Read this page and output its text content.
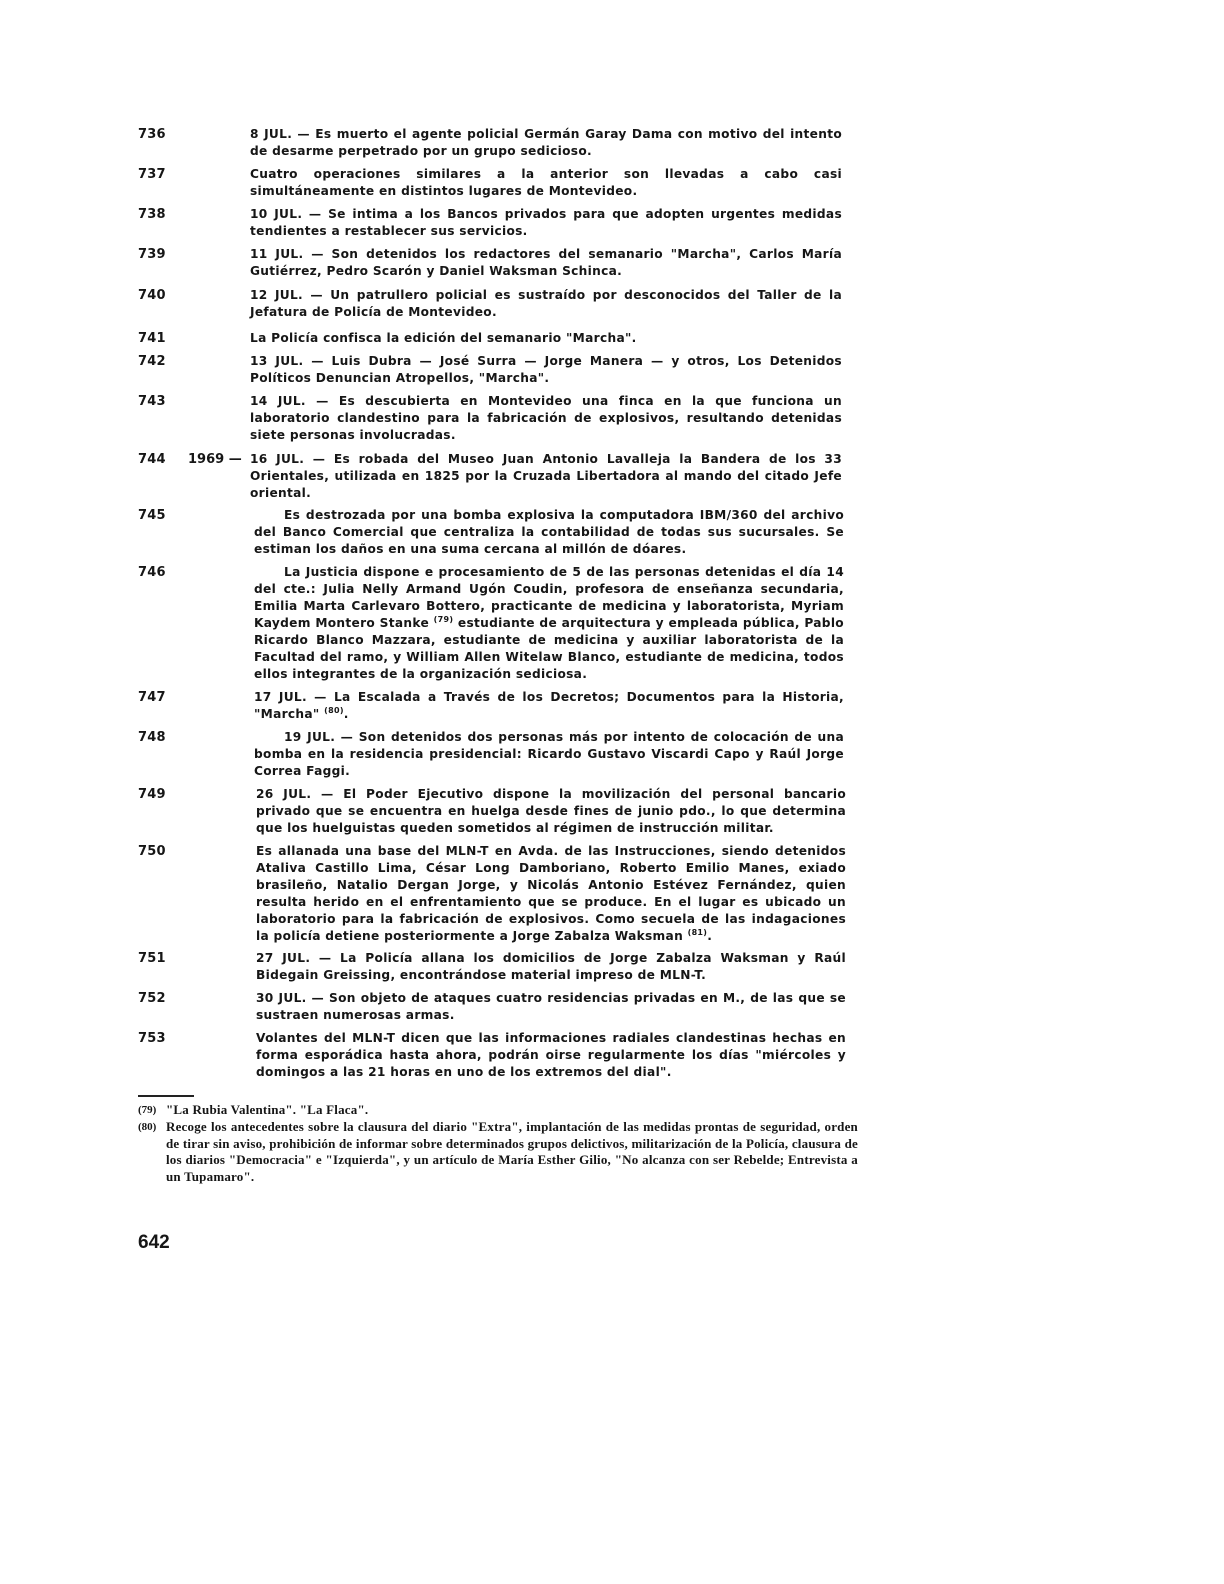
736	8 JUL. — Es muerto el agente policial Germán Garay Dama con motivo del intento de desarme perpetrado por un grupo sedicioso.
737	Cuatro operaciones similares a la anterior son llevadas a cabo casi simultáneamente en distintos lugares de Montevideo.
738	10 JUL. — Se intima a los Bancos privados para que adopten urgentes medidas tendientes a restablecer sus servicios.
739	11 JUL. — Son detenidos los redactores del semanario "Marcha", Carlos María Gutiérrez, Pedro Scarón y Daniel Waksman Schinca.
740	12 JUL. — Un patrullero policial es sustraído por desconocidos del Taller de la Jefatura de Policía de Montevideo.
741	La Policía confisca la edición del semanario "Marcha".
742	13 JUL. — Luis Dubra — José Surra — Jorge Manera — y otros, Los Detenidos Políticos Denuncian Atropellos, "Marcha".
743	14 JUL. — Es descubierta en Montevideo una finca en la que funciona un laboratorio clandestino para la fabricación de explosivos, resultando detenidas siete personas involucradas.
744	1969 — 16 JUL. — Es robada del Museo Juan Antonio Lavalleja la Bandera de los 33 Orientales, utilizada en 1825 por la Cruzada Libertadora al mando del citado Jefe oriental.
745	Es destrozada por una bomba explosiva la computadora IBM/360 del archivo del Banco Comercial que centraliza la contabilidad de todas sus sucursales. Se estiman los daños en una suma cercana al millón de dóares.
746	La Justicia dispone e procesamiento de 5 de las personas detenidas el día 14 del cte.: Julia Nelly Armand Ugón Coudin, profesora de enseñanza secundaria, Emilia Marta Carlevaro Bottero, practicante de medicina y laboratorista, Myriam Kaydem Montero Stanke $^{(79)}$ estudiante de arquitectura y empleada pública, Pablo Ricardo Blanco Mazzara, estudiante de medicina y auxiliar laboratorista de la Facultad del ramo, y William Allen Witelaw Blanco, estudiante de medicina, todos ellos integrantes de la organización sediciosa.
747	17 JUL. — La Escalada a Través de los Decretos; Documentos para la Historia, "Marcha" $^{(80)}$.
748	19 JUL. — Son detenidos dos personas más por intento de colocación de una bomba en la residencia presidencial: Ricardo Gustavo Viscardi Capo y Raúl Jorge Correa Faggi.
749	26 JUL. — El Poder Ejecutivo dispone la movilización del personal bancario privado que se encuentra en huelga desde fines de junio pdo., lo que determina que los huelguistas queden sometidos al régimen de instrucción militar.
750	Es allanada una base del MLN-T en Avda. de las Instrucciones, siendo detenidos Ataliva Castillo Lima, César Long Damboriano, Roberto Emilio Manes, exiado brasileño, Natalio Dergan Jorge, y Nicolás Antonio Estévez Fernández, quien resulta herido en el enfrentamiento que se produce. En el lugar es ubicado un laboratorio para la fabricación de explosivos. Como secuela de las indagaciones la policía detiene posteriormente a Jorge Zabalza Waksman $^{(81)}$.
751	27 JUL. — La Policía allana los domicilios de Jorge Zabalza Waksman y Raúl Bidegain Greissing, encontrándose material impreso de MLN-T.
752	30 JUL. — Son objeto de ataques cuatro residencias privadas en M., de las que se sustraen numerosas armas.
753	Volantes del MLN-T dicen que las informaciones radiales clandestinas hechas en forma esporádica hasta ahora, podrán oirse regularmente los días "miércoles y domingos a las 21 horas en uno de los extremos del dial".
(79) "La Rubia Valentina". "La Flaca".
(80) Recoge los antecedentes sobre la clausura del diario "Extra", implantación de las medidas prontas de seguridad, orden de tirar sin aviso, prohibición de informar sobre determinados grupos delictivos, militarización de la Policía, clausura de los diarios "Democracia" e "Izquierda", y un artículo de María Esther Gilio, "No alcanza con ser Rebelde; Entrevista a un Tupamaro".
642
